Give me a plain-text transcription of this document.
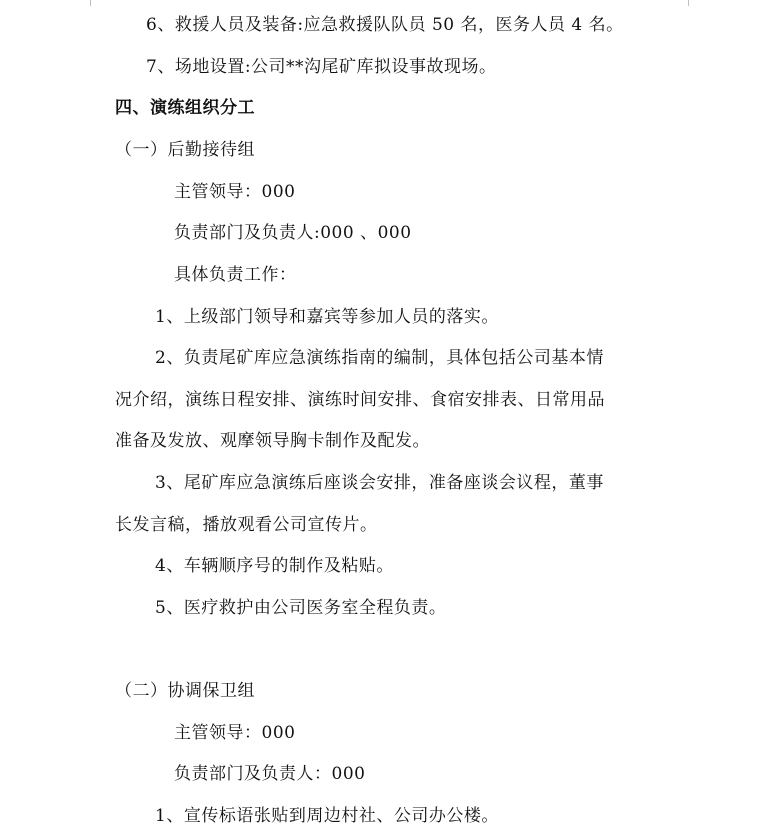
6、救援人员及装备:应急救援队队员 50 名，医务人员 4 名。
7、场地设置:公司**沟尾矿库拟设事故现场。
四、演练组织分工
（一）后勤接待组
主管领导：000
负责部门及负责人:000 、000
具体负责工作：
1、上级部门领导和嘉宾等参加人员的落实。
2、负责尾矿库应急演练指南的编制，具体包括公司基本情
况介绍，演练日程安排、演练时间安排、食宿安排表、日常用品
准备及发放、观摩领导胸卡制作及配发。
3、尾矿库应急演练后座谈会安排，准备座谈会议程，董事
长发言稿，播放观看公司宣传片。
4、车辆顺序号的制作及粘贴。
5、医疗救护由公司医务室全程负责。
（二）协调保卫组
主管领导：000
负责部门及负责人：000
1、宣传标语张贴到周边村社、公司办公楼。
